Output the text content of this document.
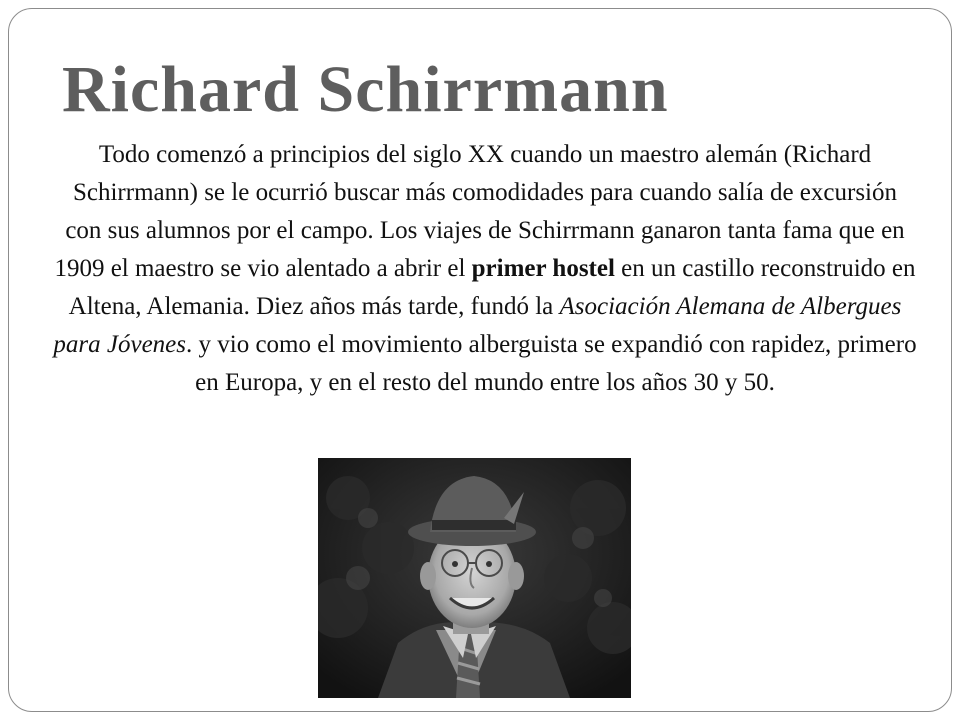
Richard Schirrmann
Todo comenzó a principios del siglo XX cuando un maestro alemán (Richard Schirrmann) se le ocurrió buscar más comodidades para cuando salía de excursión con sus alumnos por el campo. Los viajes de Schirrmann ganaron tanta fama que en 1909 el maestro se vio alentado a abrir el primer hostel en un castillo reconstruido en Altena, Alemania. Diez años más tarde, fundó la Asociación Alemana de Albergues para Jóvenes. y vio como el movimiento alberguista se expandió con rapidez, primero en Europa, y en el resto del mundo entre los años 30 y 50.
